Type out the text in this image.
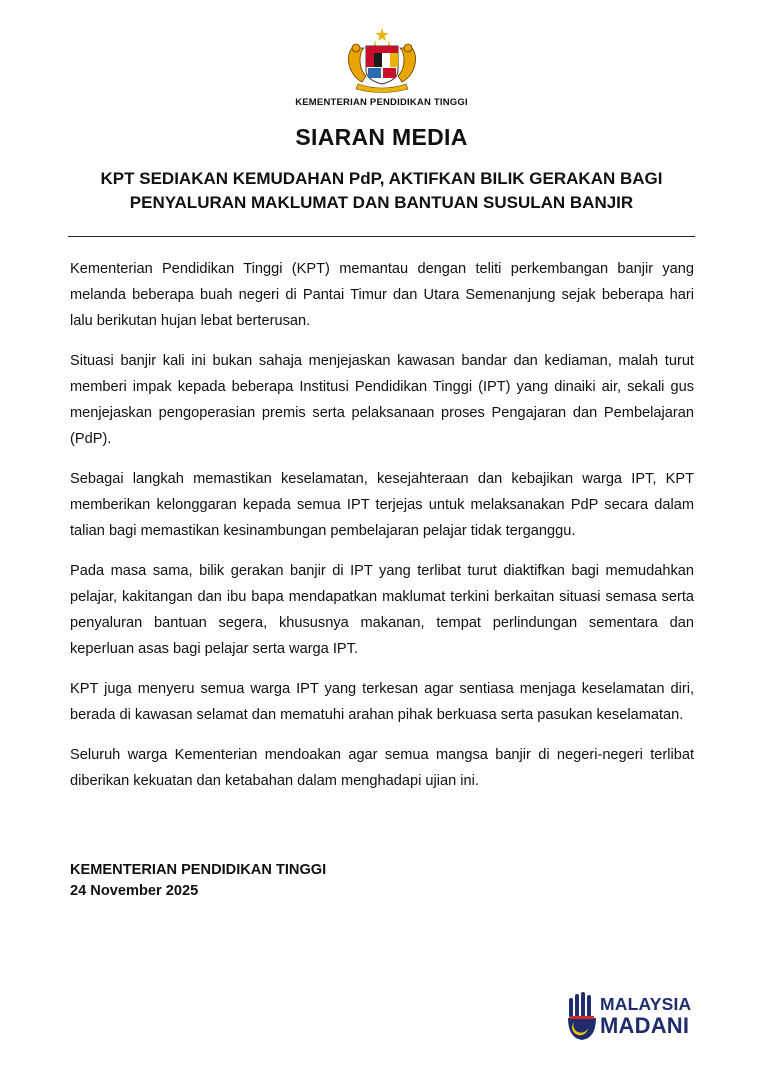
KEMENTERIAN PENDIDIKAN TINGGI
SIARAN MEDIA
KPT SEDIAKAN KEMUDAHAN PdP, AKTIFKAN BILIK GERAKAN BAGI
PENYALURAN MAKLUMAT DAN BANTUAN SUSULAN BANJIR

Kementerian Pendidikan Tinggi (KPT) memantau dengan teliti perkembangan banjir yang melanda beberapa buah negeri di Pantai Timur dan Utara Semenanjung sejak beberapa hari lalu berikutan hujan lebat berterusan.

Situasi banjir kali ini bukan sahaja menjejaskan kawasan bandar dan kediaman, malah turut memberi impak kepada beberapa Institusi Pendidikan Tinggi (IPT) yang dinaiki air, sekali gus menjejaskan pengoperasian premis serta pelaksanaan proses Pengajaran dan Pembelajaran (PdP).

Sebagai langkah memastikan keselamatan, kesejahteraan dan kebajikan warga IPT, KPT memberikan kelonggaran kepada semua IPT terjejas untuk melaksanakan PdP secara dalam talian bagi memastikan kesinambungan pembelajaran pelajar tidak terganggu.

Pada masa sama, bilik gerakan banjir di IPT yang terlibat turut diaktifkan bagi memudahkan pelajar, kakitangan dan ibu bapa mendapatkan maklumat terkini berkaitan situasi semasa serta penyaluran bantuan segera, khususnya makanan, tempat perlindungan sementara dan keperluan asas bagi pelajar serta warga IPT.

KPT juga menyeru semua warga IPT yang terkesan agar sentiasa menjaga keselamatan diri, berada di kawasan selamat dan mematuhi arahan pihak berkuasa serta pasukan keselamatan.

Seluruh warga Kementerian mendoakan agar semua mangsa banjir di negeri-negeri terlibat diberikan kekuatan dan ketabahan dalam menghadapi ujian ini.

KEMENTERIAN PENDIDIKAN TINGGI
24 November 2025
MALAYSIA
MADANI
